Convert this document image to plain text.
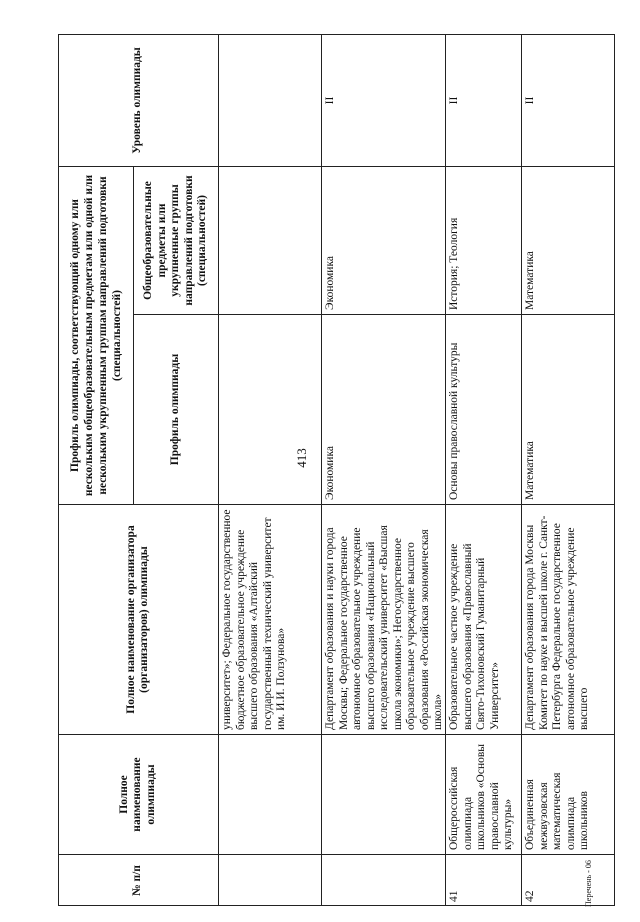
413
Перечень - 06
№ п/п
Полное наименование олимпиады
Полное наименование организатора (организаторов) олимпиады
Профиль олимпиады, соответствующий одному или нескольким общеобразовательным предметам или одной или нескольким укрупненным группам направлений подготовки (специальностей)
Профиль олимпиады
Общеобразовательные предметы или укрупненные группы направлений подготовки (специальностей)
Уровень олимпиады
университет»; Федеральное государственное бюджетное образовательное учреждение высшего образования «Алтайский государственный технический университет им. И.И. Ползунова»	Департамент образования и науки города Москвы; Федеральное государственное автономное образовательное учреждение высшего образования «Национальный исследовательский университет «Высшая школа экономики»; Негосударственное образовательное учреждение высшего образования «Российская экономическая школа»
Экономика
Экономика
II
41
Общероссийская олимпиада школьников «Основы православной культуры»
Образовательное частное учреждение высшего образования «Православный Свято-Тихоновский Гуманитарный Университет»
Основы православной культуры
История; Теология
II
42
Объединенная межвузовская математическая олимпиада школьников
Департамент образования города Москвы Комитет по науке и высшей школе г. Санкт-Петербурга Федеральное государственное автономное образовательное учреждение высшего
Математика
Математика
II
